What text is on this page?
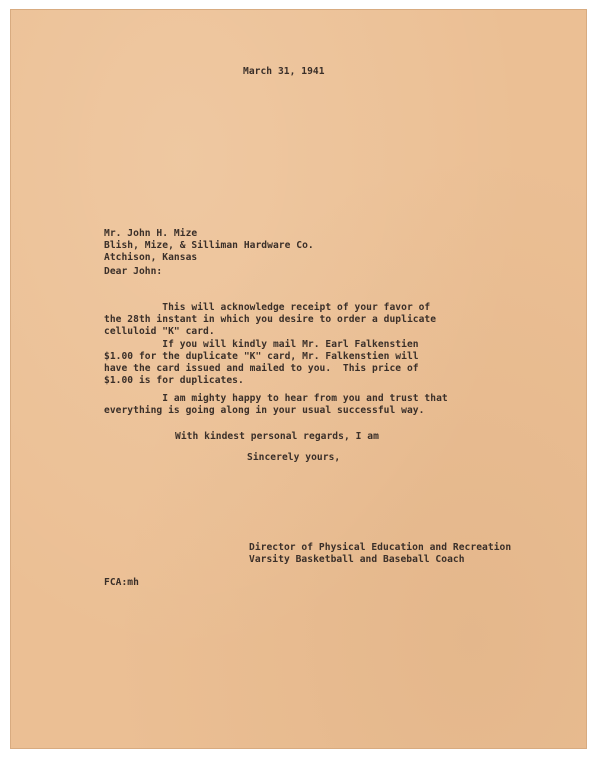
March 31, 1941

Mr. John H. Mize
Blish, Mize, & Silliman Hardware Co.
Atchison, Kansas

Dear John:

This will acknowledge receipt of your favor of
the 28th instant in which you desire to order a duplicate
celluloid "K" card.
If you will kindly mail Mr. Earl Falkenstien
$1.00 for the duplicate "K" card, Mr. Falkenstien will
have the card issued and mailed to you.  This price of
$1.00 is for duplicates.
I am mighty happy to hear from you and trust that
everything is going along in your usual successful way.

With kindest personal regards, I am

Sincerely yours,

Director of Physical Education and Recreation
Varsity Basketball and Baseball Coach

FCA:mh
